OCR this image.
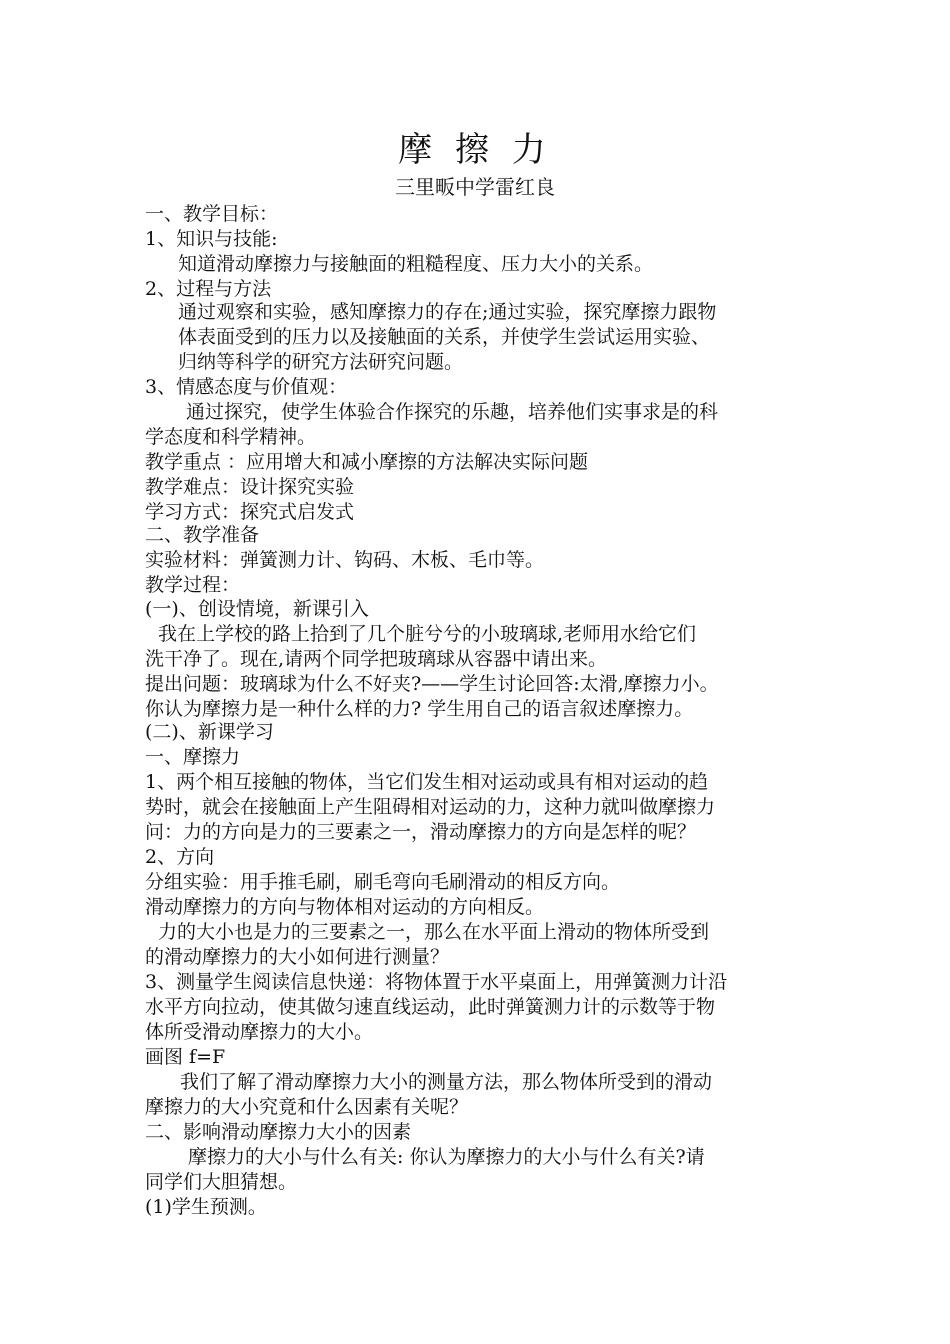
摩 擦 力
三里畈中学雷红良
一、教学目标：
1、知识与技能:
知道滑动摩擦力与接触面的粗糙程度、压力大小的关系。
2、过程与方法
通过观察和实验，感知摩擦力的存在;通过实验，探究摩擦力跟物
体表面受到的压力以及接触面的关系，并使学生尝试运用实验、
归纳等科学的研究方法研究问题。
3、情感态度与价值观：
通过探究，使学生体验合作探究的乐趣，培养他们实事求是的科
学态度和科学精神。
教学重点 ：应用增大和减小摩擦的方法解决实际问题
教学难点：设计探究实验
学习方式：探究式启发式
二、教学准备
实验材料：弹簧测力计、钩码、木板、毛巾等。
教学过程：
(一)、创设情境，新课引入
我在上学校的路上拾到了几个脏兮兮的小玻璃球,老师用水给它们
洗干净了。现在,请两个同学把玻璃球从容器中请出来。
提出问题：玻璃球为什么不好夹?——学生讨论回答:太滑,摩擦力小。
你认为摩擦力是一种什么样的力? 学生用自己的语言叙述摩擦力。
(二)、新课学习
一、摩擦力
1、两个相互接触的物体，当它们发生相对运动或具有相对运动的趋
势时，就会在接触面上产生阻碍相对运动的力，这种力就叫做摩擦力
问：力的方向是力的三要素之一，滑动摩擦力的方向是怎样的呢？
2、方向
分组实验：用手推毛刷，刷毛弯向毛刷滑动的相反方向。
滑动摩擦力的方向与物体相对运动的方向相反。
力的大小也是力的三要素之一，那么在水平面上滑动的物体所受到
的滑动摩擦力的大小如何进行测量？
3、测量学生阅读信息快递：将物体置于水平桌面上，用弹簧测力计沿
水平方向拉动，使其做匀速直线运动，此时弹簧测力计的示数等于物
体所受滑动摩擦力的大小。
画图 f=F
我们了解了滑动摩擦力大小的测量方法，那么物体所受到的滑动
摩擦力的大小究竟和什么因素有关呢？
二、影响滑动摩擦力大小的因素
摩擦力的大小与什么有关: 你认为摩擦力的大小与什么有关?请
同学们大胆猜想。
(1)学生预测。
